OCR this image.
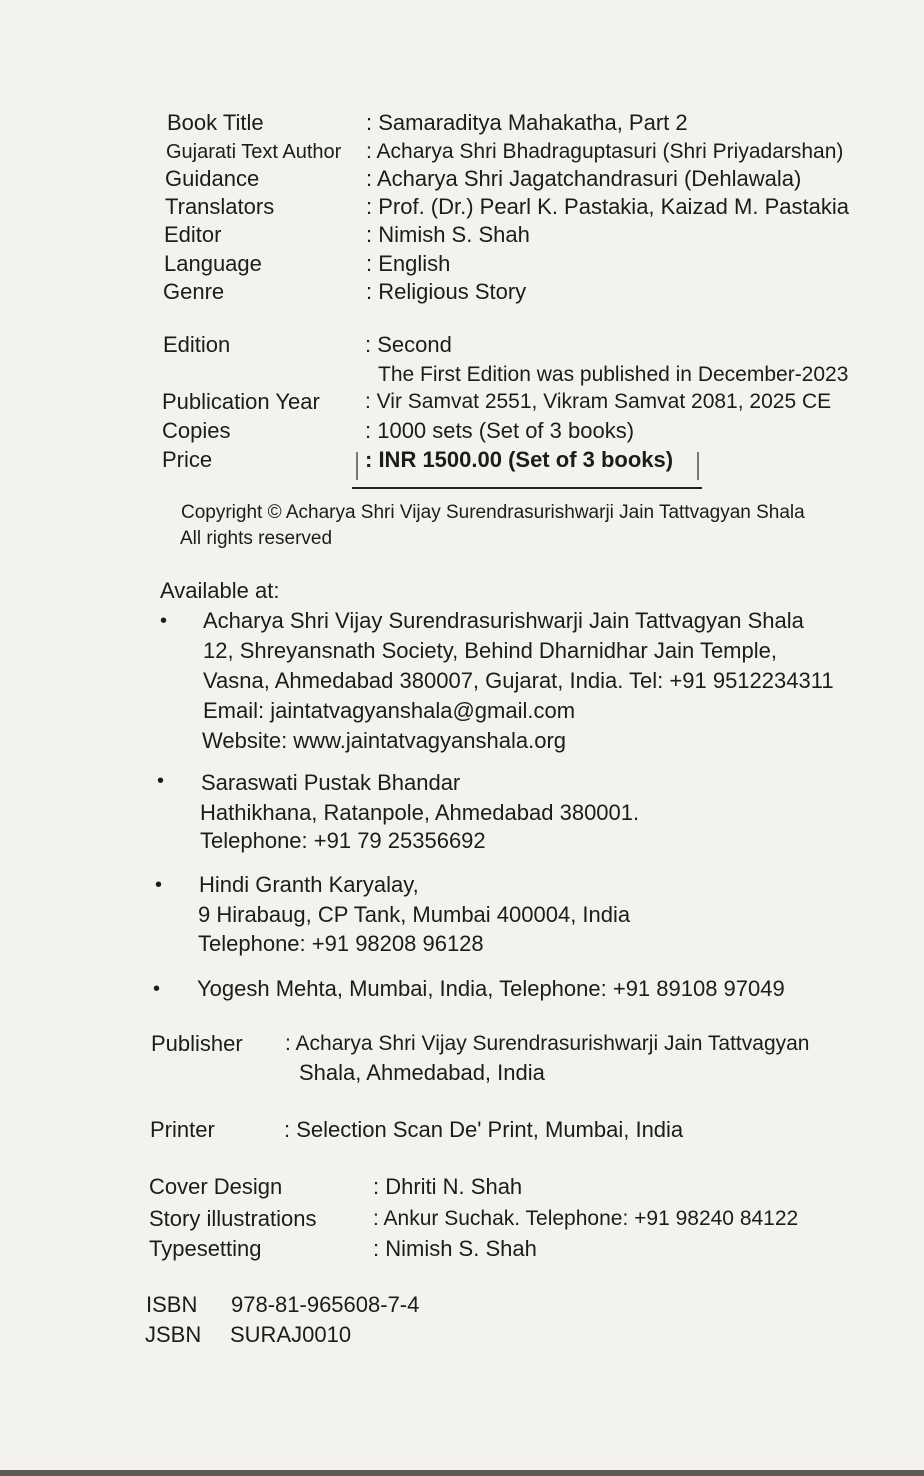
Book Title	: Samaraditya Mahakatha, Part 2
Gujarati Text Author : Acharya Shri Bhadraguptasuri (Shri Priyadarshan)
Guidance	: Acharya Shri Jagatchandrasuri (Dehlawala)
Translators	: Prof. (Dr.) Pearl K. Pastakia, Kaizad M. Pastakia
Editor	: Nimish S. Shah
Language	: English
Genre	: Religious Story
Edition	: Second
The First Edition was published in December-2023
Publication Year : Vir Samvat 2551, Vikram Samvat 2081, 2025 CE
Copies	: 1000 sets (Set of 3 books)
Price	: INR 1500.00 (Set of 3 books)
Copyright © Acharya Shri Vijay Surendrasurishwarji Jain Tattvagyan Shala
All rights reserved
Available at:
• Acharya Shri Vijay Surendrasurishwarji Jain Tattvagyan Shala
12, Shreyansnath Society, Behind Dharnidhar Jain Temple,
Vasna, Ahmedabad 380007, Gujarat, India. Tel: +91 9512234311
Email: jaintatvagyanshala@gmail.com
Website: www.jaintatvagyanshala.org
• Saraswati Pustak Bhandar
Hathikhana, Ratanpole, Ahmedabad 380001.
Telephone: +91 79 25356692
• Hindi Granth Karyalay,
9 Hirabaug, CP Tank, Mumbai 400004, India
Telephone: +91 98208 96128
• Yogesh Mehta, Mumbai, India, Telephone: +91 89108 97049
Publisher : Acharya Shri Vijay Surendrasurishwarji Jain Tattvagyan
Shala, Ahmedabad, India
Printer	: Selection Scan De' Print, Mumbai, India
Cover Design	: Dhriti N. Shah
Story illustrations	: Ankur Suchak. Telephone: +91 98240 84122
Typesetting	: Nimish S. Shah
ISBN 978-81-965608-7-4
JSBN SURAJ0010
